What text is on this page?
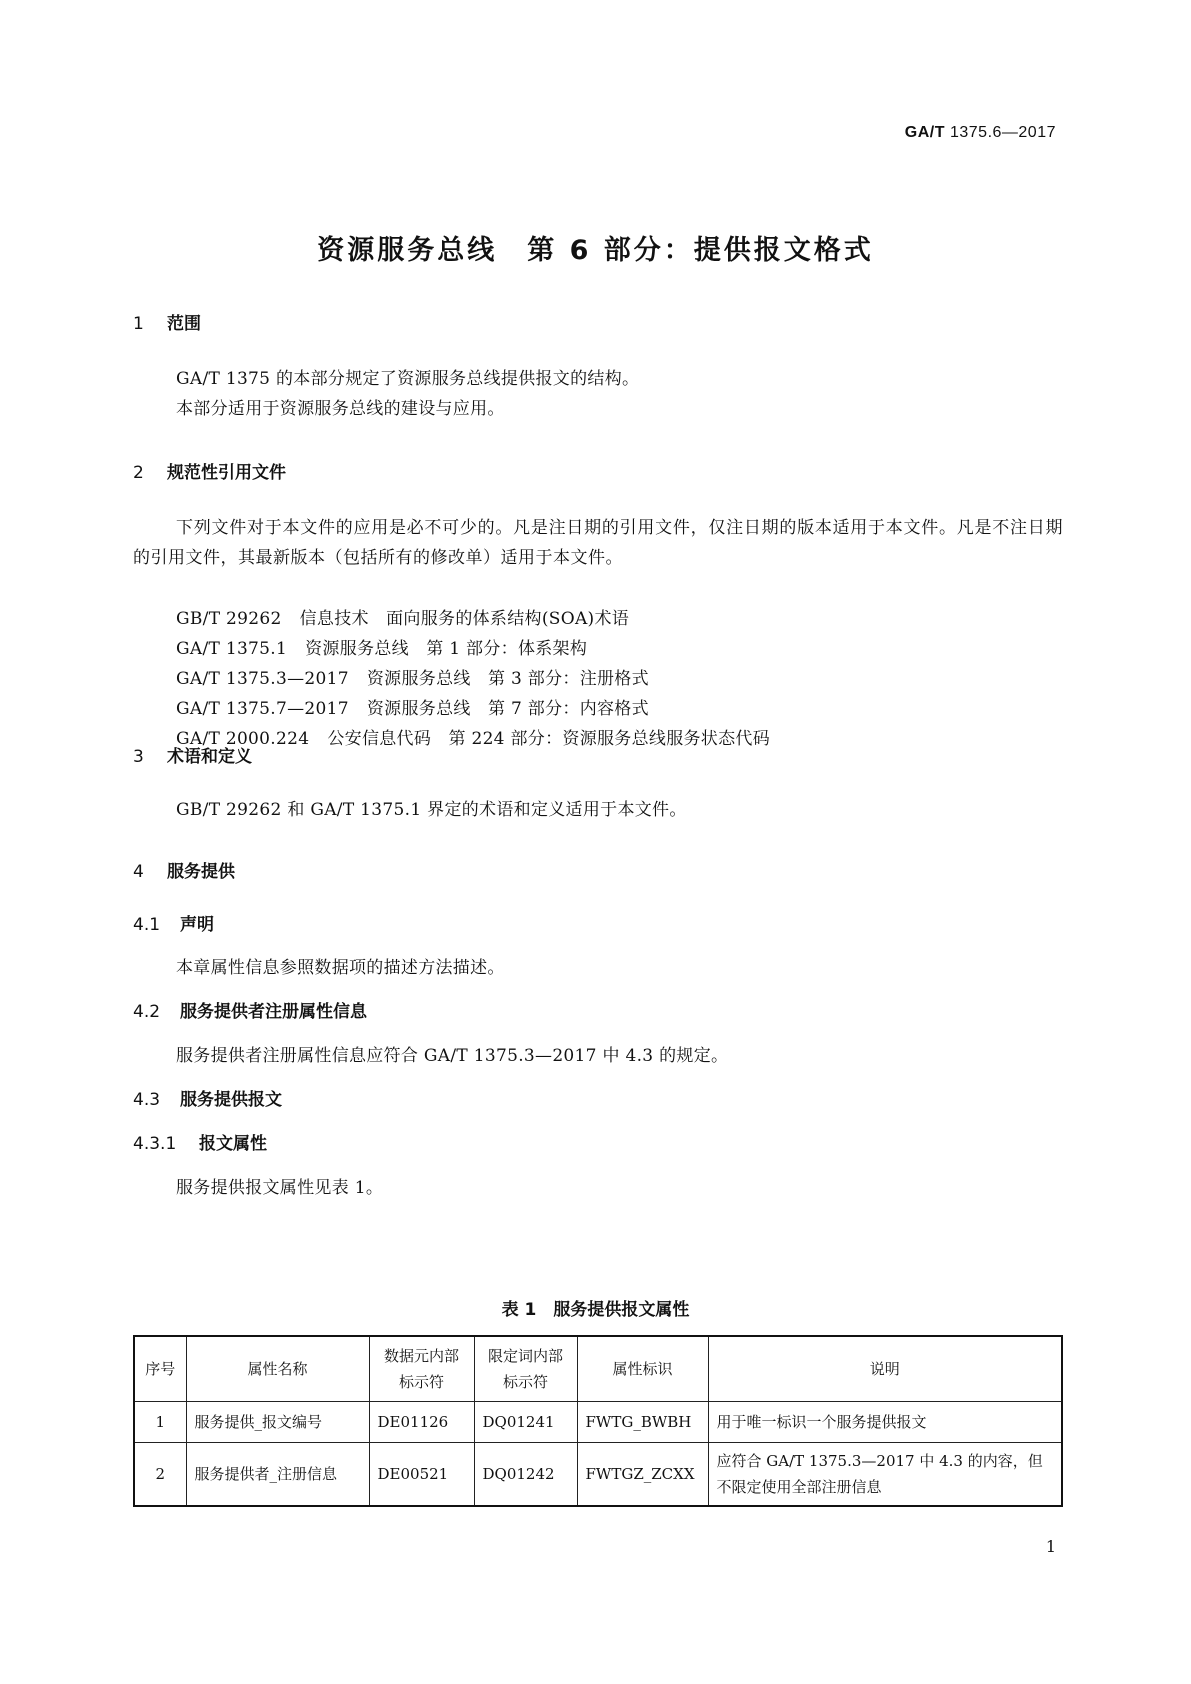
GA/T 1375.6—2017
资源服务总线　第 6 部分：提供报文格式
1 范围
GA/T 1375 的本部分规定了资源服务总线提供报文的结构。
本部分适用于资源服务总线的建设与应用。
2 规范性引用文件
下列文件对于本文件的应用是必不可少的。凡是注日期的引用文件，仅注日期的版本适用于本文件。凡是不注日期的引用文件，其最新版本（包括所有的修改单）适用于本文件。
GB/T 29262 信息技术　面向服务的体系结构(SOA)术语
GA/T 1375.1 资源服务总线　第 1 部分：体系架构
GA/T 1375.3—2017 资源服务总线　第 3 部分：注册格式
GA/T 1375.7—2017 资源服务总线　第 7 部分：内容格式
GA/T 2000.224 公安信息代码　第 224 部分：资源服务总线服务状态代码
3 术语和定义
GB/T 29262 和 GA/T 1375.1 界定的术语和定义适用于本文件。
4 服务提供
4.1 声明
本章属性信息参照数据项的描述方法描述。
4.2 服务提供者注册属性信息
服务提供者注册属性信息应符合 GA/T 1375.3—2017 中 4.3 的规定。
4.3 服务提供报文
4.3.1 报文属性
服务提供报文属性见表 1。
表 1　服务提供报文属性
序号	属性名称	数据元内部标示符	限定词内部标示符	属性标识	说明
1	服务提供_报文编号	DE01126	DQ01241	FWTG_BWBH	用于唯一标识一个服务提供报文
2	服务提供者_注册信息	DE00521	DQ01242	FWTGZ_ZCXX	应符合 GA/T 1375.3—2017 中 4.3 的内容，但不限定使用全部注册信息
1
